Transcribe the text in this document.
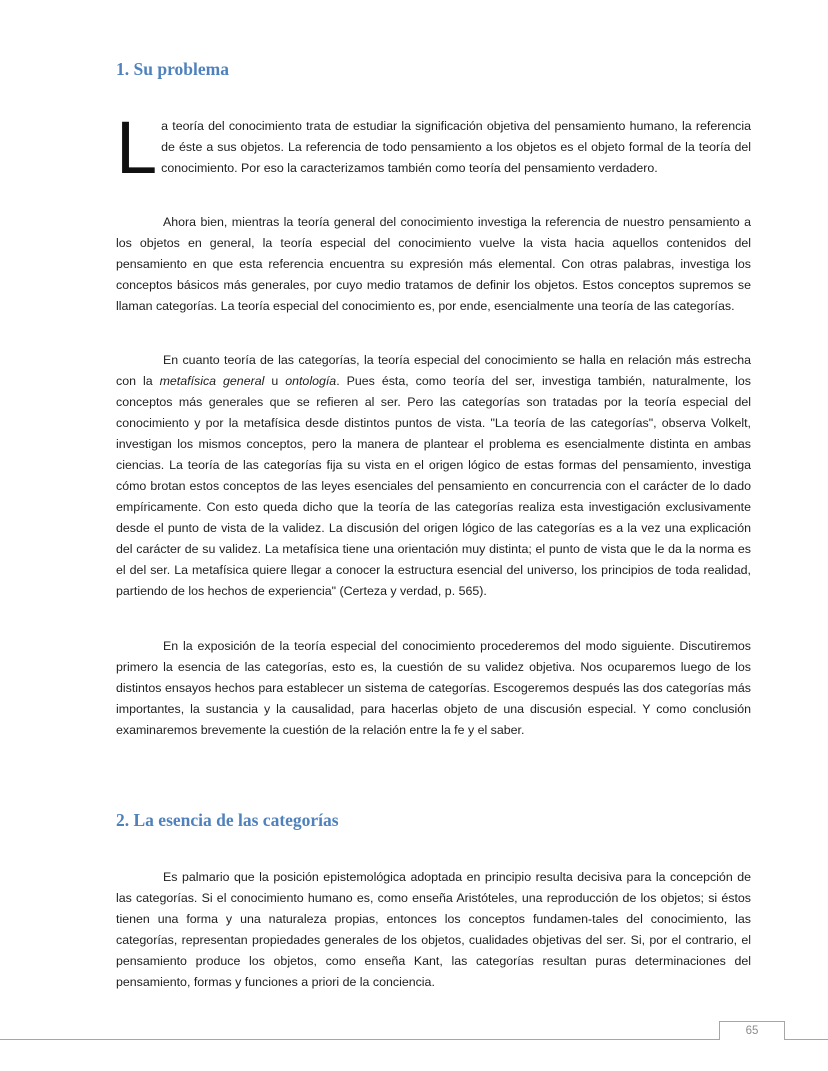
1. Su problema

La teoría del conocimiento trata de estudiar la significación objetiva del pensamiento humano, la referencia de éste a sus objetos. La referencia de todo pensamiento a los objetos es el objeto formal de la teoría del conocimiento. Por eso la caracterizamos también como teoría del pensamiento verdadero.

Ahora bien, mientras la teoría general del conocimiento investiga la referencia de nuestro pensamiento a los objetos en general, la teoría especial del conocimiento vuelve la vista hacia aquellos contenidos del pensamiento en que esta referencia encuentra su expresión más elemental. Con otras palabras, investiga los conceptos básicos más generales, por cuyo medio tratamos de definir los objetos. Estos conceptos supremos se llaman categorías. La teoría especial del conocimiento es, por ende, esencialmente una teoría de las categorías.

En cuanto teoría de las categorías, la teoría especial del conocimiento se halla en relación más estrecha con la metafísica general u ontología. Pues ésta, como teoría del ser, investiga también, naturalmente, los conceptos más generales que se refieren al ser. Pero las categorías son tratadas por la teoría especial del conocimiento y por la metafísica desde distintos puntos de vista. "La teoría de las categorías", observa Volkelt, investigan los mismos conceptos, pero la manera de plantear el problema es esencialmente distinta en ambas ciencias. La teoría de las categorías fija su vista en el origen lógico de estas formas del pensamiento, investiga cómo brotan estos conceptos de las leyes esenciales del pensamiento en concurrencia con el carácter de lo dado empíricamente. Con esto queda dicho que la teoría de las categorías realiza esta investigación exclusivamente desde el punto de vista de la validez. La discusión del origen lógico de las categorías es a la vez una explicación del carácter de su validez. La metafísica tiene una orientación muy distinta; el punto de vista que le da la norma es el del ser. La metafísica quiere llegar a conocer la estructura esencial del universo, los principios de toda realidad, partiendo de los hechos de experiencia" (Certeza y verdad, p. 565).

En la exposición de la teoría especial del conocimiento procederemos del modo siguiente. Discutiremos primero la esencia de las categorías, esto es, la cuestión de su validez objetiva. Nos ocuparemos luego de los distintos ensayos hechos para establecer un sistema de categorías. Escogeremos después las dos categorías más importantes, la sustancia y la causalidad, para hacerlas objeto de una discusión especial. Y como conclusión examinaremos brevemente la cuestión de la relación entre la fe y el saber.

2. La esencia de las categorías

Es palmario que la posición epistemológica adoptada en principio resulta decisiva para la concepción de las categorías. Si el conocimiento humano es, como enseña Aristóteles, una reproducción de los objetos; si éstos tienen una forma y una naturaleza propias, entonces los conceptos fundamen-tales del conocimiento, las categorías, representan propiedades generales de los objetos, cualidades objetivas del ser. Si, por el contrario, el pensamiento produce los objetos, como enseña Kant, las categorías resultan puras determinaciones del pensamiento, formas y funciones a priori de la conciencia.

65
